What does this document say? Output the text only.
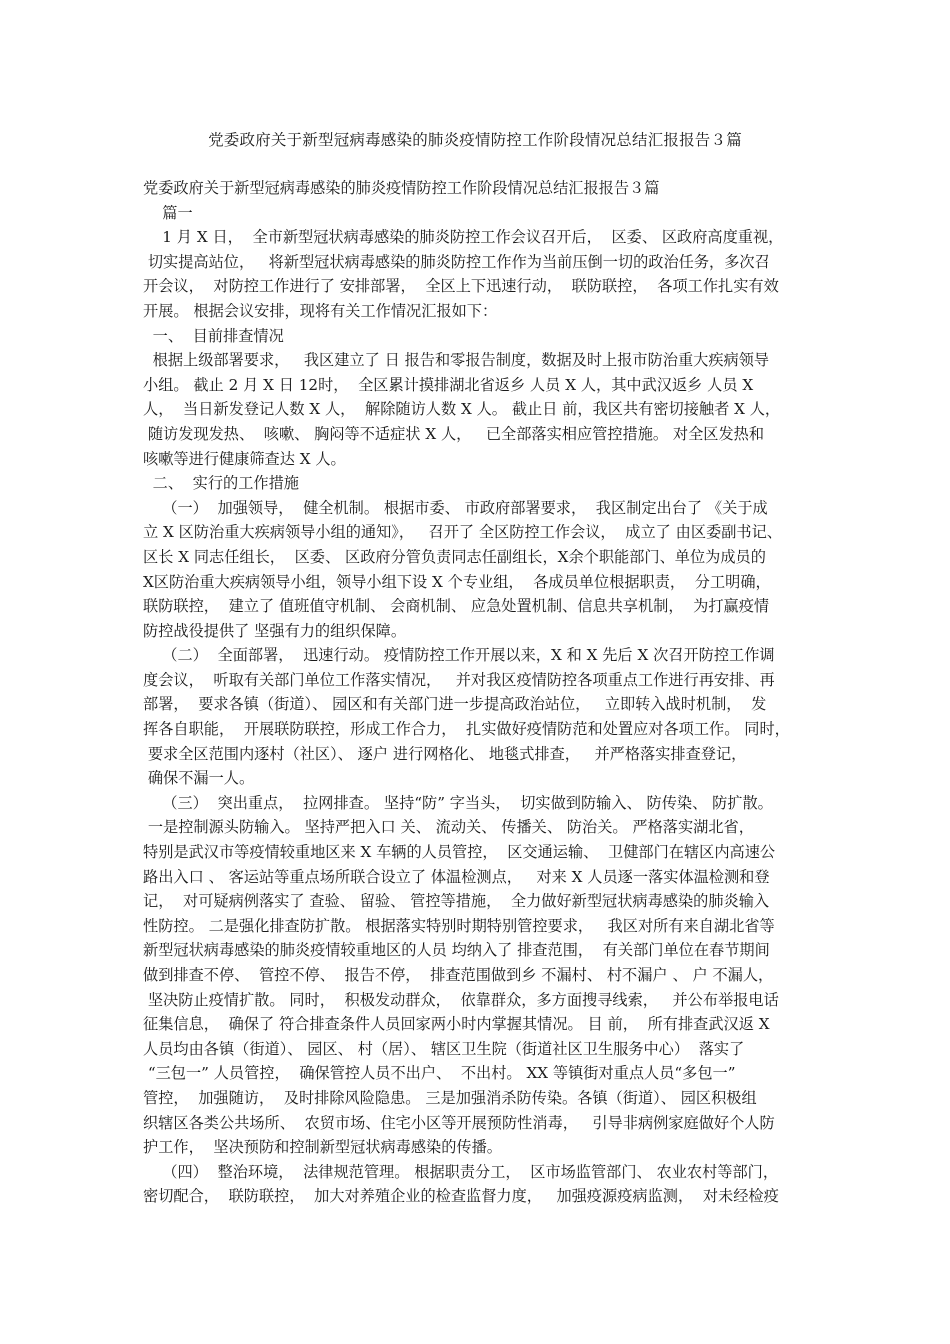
党委政府关于新型冠病毒感染的肺炎疫情防控工作阶段情况总结汇报报告３篇
党委政府关于新型冠病毒感染的肺炎疫情防控工作阶段情况总结汇报报告３篇
篇一
1 月 X 日，  全市新型冠状病毒感染的肺炎防控工作会议召开后，  区委、 区政府高度重视，
切实提高站位，   将新型冠状病毒感染的肺炎防控工作作为当前压倒一切的政治任务，多次召
开会议，  对防控工作进行了 安排部署，  全区上下迅速行动，  联防联控，  各项工作扎实有效
开展。 根据会议安排，现将有关工作情况汇报如下：
一、  目前排查情况
根据上级部署要求，   我区建立了 日 报告和零报告制度，数据及时上报市防治重大疾病领导
小组。 截止 2 月 X 日 12时，  全区累计摸排湖北省返乡 人员 X 人，其中武汉返乡 人员 X
人，  当日新发登记人数 X 人，  解除随访人数 X 人。 截止日 前，我区共有密切接触者 X 人，
随访发现发热、  咳嗽、 胸闷等不适症状 X 人，   已全部落实相应管控措施。 对全区发热和
咳嗽等进行健康筛查达 X 人。
二、  实行的工作措施
（一）  加强领导，  健全机制。 根据市委、 市政府部署要求，  我区制定出台了 《关于成
立 X 区防治重大疾病领导小组的通知》，   召开了 全区防控工作会议，  成立了 由区委副书记、
区长 X 同志任组长，  区委、 区政府分管负责同志任副组长，X余个职能部门、单位为成员的
X区防治重大疾病领导小组，领导小组下设 X 个专业组，  各成员单位根据职责，  分工明确，
联防联控，  建立了 值班值守机制、 会商机制、 应急处置机制、信息共享机制，  为打赢疫情
防控战役提供了 坚强有力的组织保障。
（二）  全面部署，  迅速行动。 疫情防控工作开展以来，X 和 X 先后 X 次召开防控工作调
度会议，  听取有关部门单位工作落实情况，   并对我区疫情防控各项重点工作进行再安排、再
部署，  要求各镇（街道）、 园区和有关部门进一步提高政治站位，   立即转入战时机制，  发
挥各自职能，  开展联防联控，形成工作合力，  扎实做好疫情防范和处置应对各项工作。 同时，
要求全区范围内逐村（社区）、 逐户 进行网格化、 地毯式排查，   并严格落实排查登记，
确保不漏一人。
（三）  突出重点，  拉网排查。 坚持“防” 字当头，  切实做到防输入、 防传染、 防扩散。
一是控制源头防输入。 坚持严把入口 关、 流动关、 传播关、 防治关。 严格落实湖北省，
特别是武汉市等疫情较重地区来 X 车辆的人员管控，  区交通运输、  卫健部门在辖区内高速公
路出入口 、 客运站等重点场所联合设立了 体温检测点，   对来 X 人员逐一落实体温检测和登
记，  对可疑病例落实了 查验、 留验、 管控等措施，  全力做好新型冠状病毒感染的肺炎输入
性防控。 二是强化排查防扩散。 根据落实特别时期特别管控要求，   我区对所有来自湖北省等
新型冠状病毒感染的肺炎疫情较重地区的人员 均纳入了 排查范围，  有关部门单位在春节期间
做到排查不停、  管控不停、  报告不停，  排查范围做到乡 不漏村、 村不漏户 、 户 不漏人，
坚决防止疫情扩散。 同时，  积极发动群众，  依靠群众，多方面搜寻线索，   并公布举报电话
征集信息，  确保了 符合排查条件人员回家两小时内掌握其情况。 目 前，  所有排查武汉返 X
人员均由各镇（街道）、 园区、 村（居）、 辖区卫生院（街道社区卫生服务中心）  落实了
“三包一” 人员管控，  确保管控人员不出户、  不出村。 XX 等镇街对重点人员“多包一”
管控，  加强随访，  及时排除风险隐患。 三是加强消杀防传染。各镇（街道）、 园区积极组
织辖区各类公共场所、  农贸市场、住宅小区等开展预防性消毒，   引导非病例家庭做好个人防
护工作，  坚决预防和控制新型冠状病毒感染的传播。
（四）  整治环境，  法律规范管理。 根据职责分工，  区市场监管部门、 农业农村等部门，
密切配合，  联防联控，  加大对养殖企业的检查监督力度，   加强疫源疫病监测，  对未经检疫
